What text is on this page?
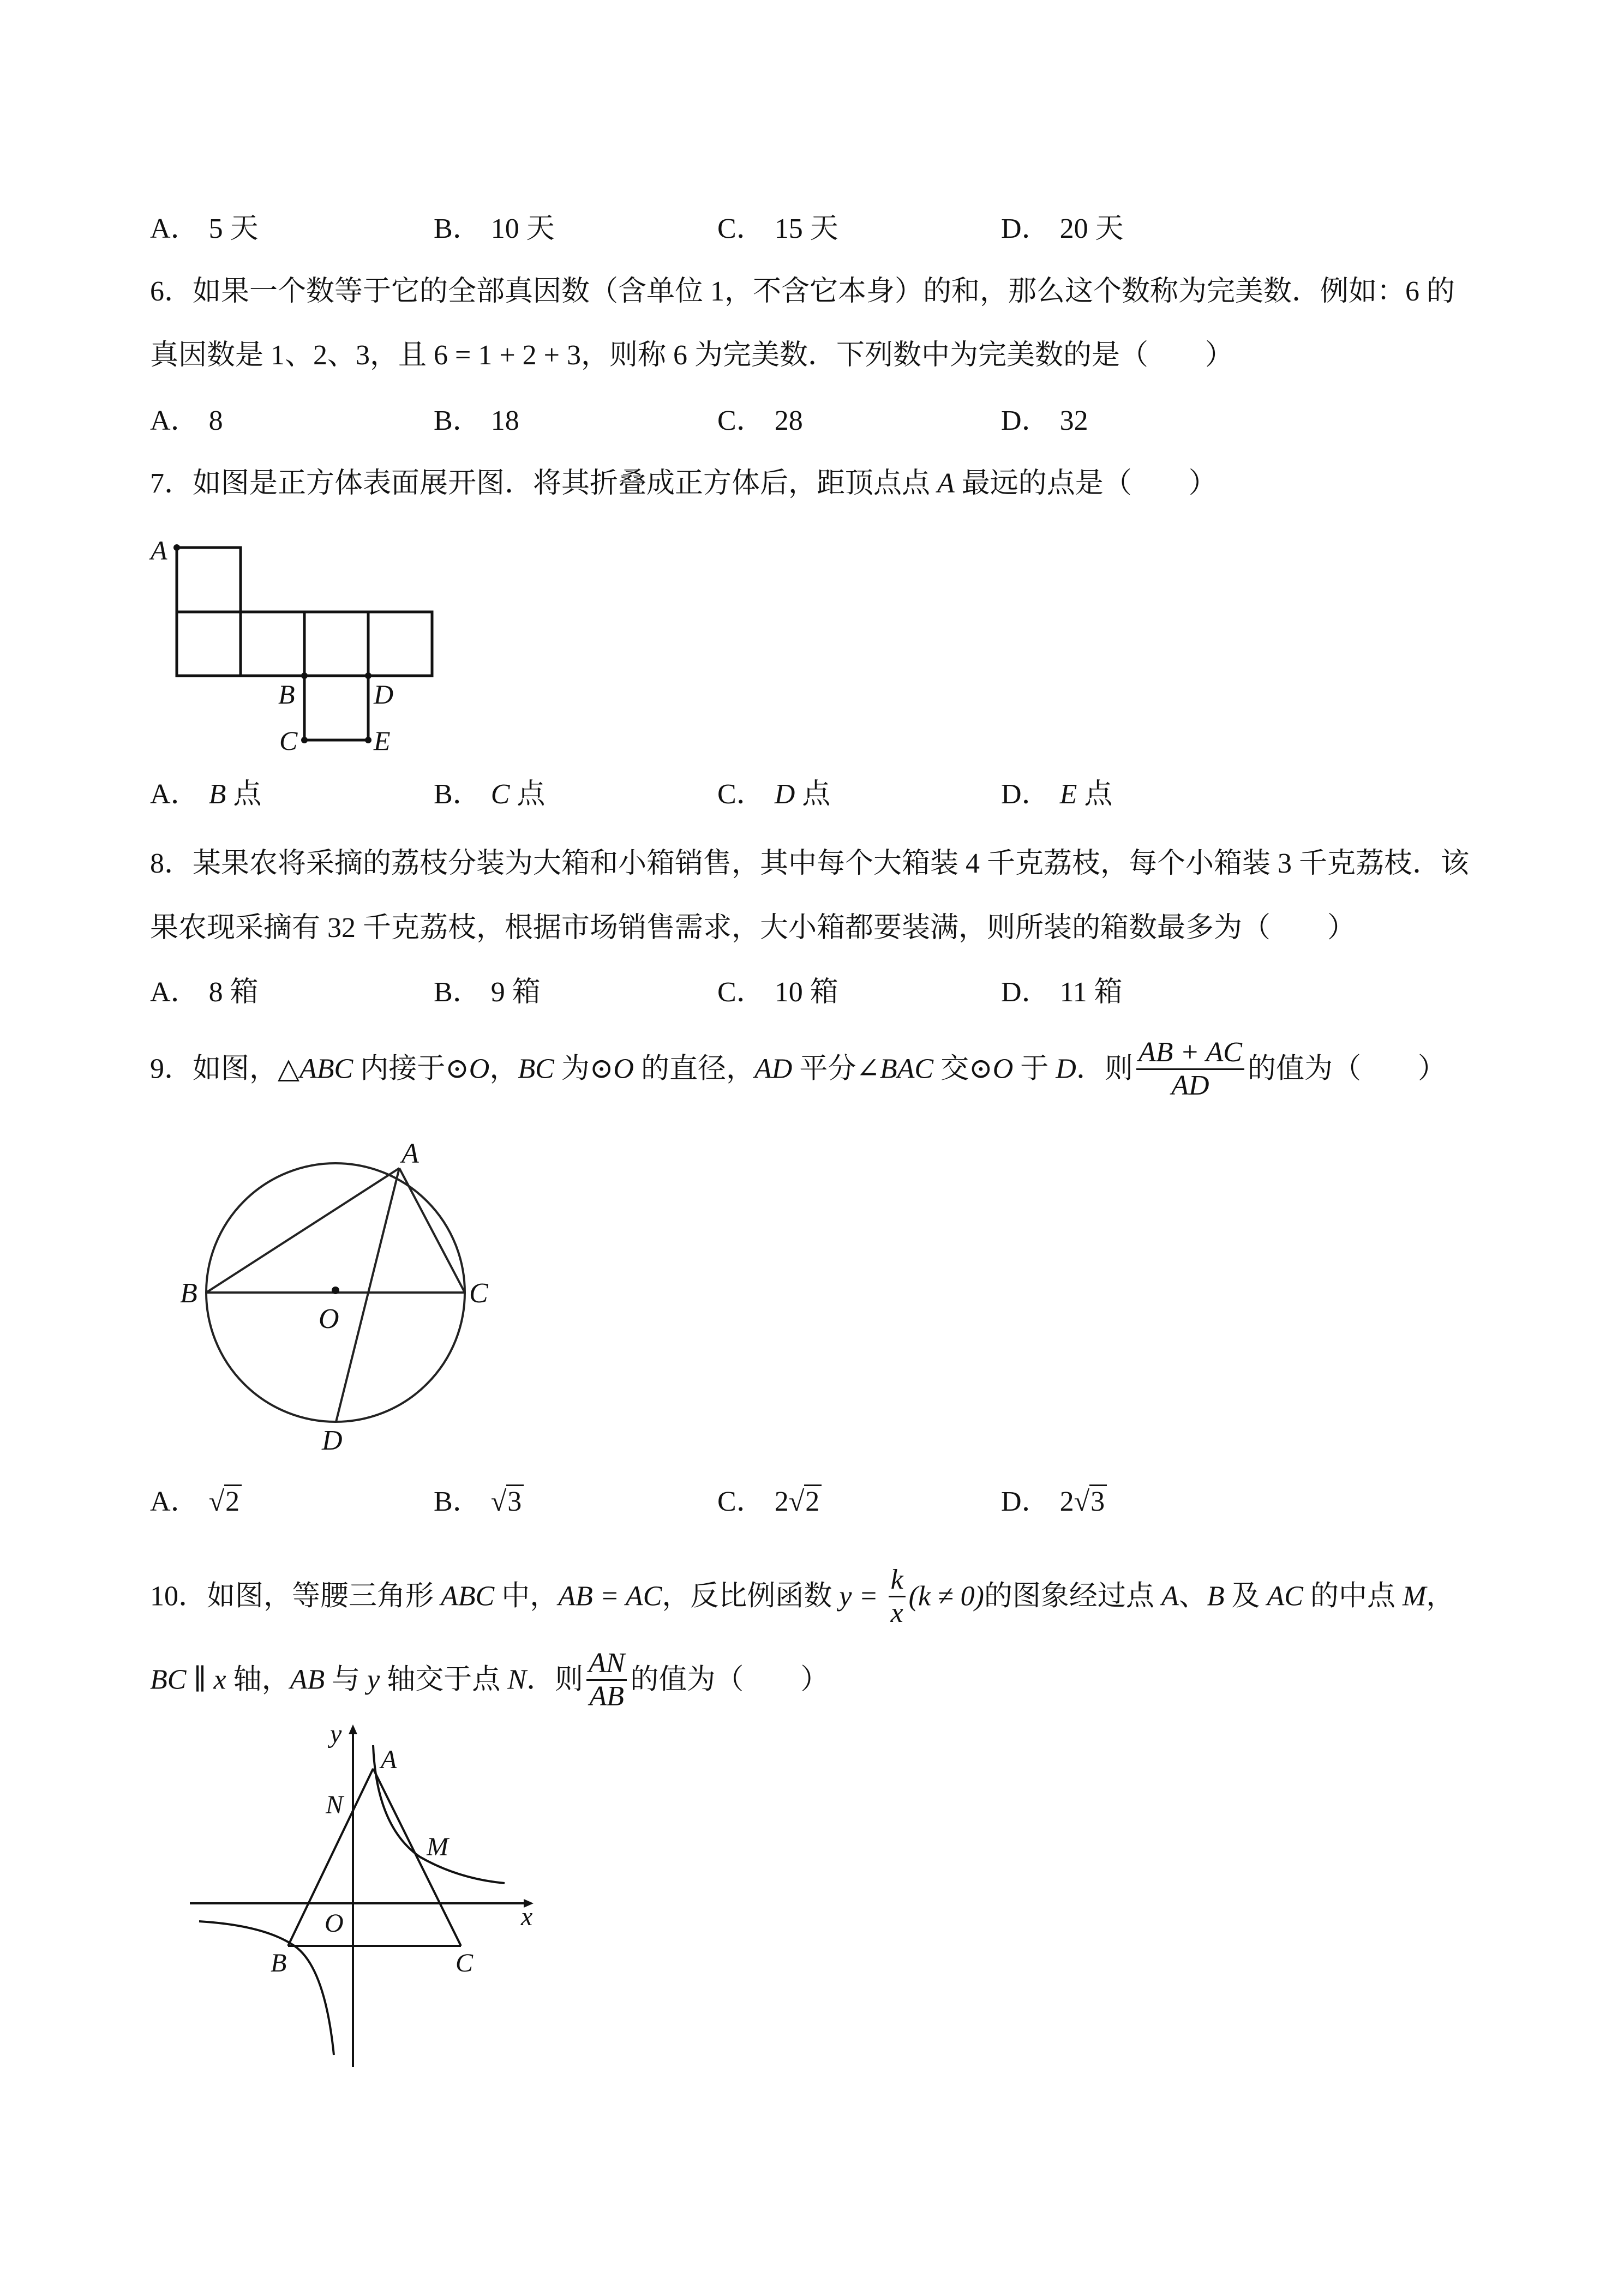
A． 5 天	B． 10 天	C． 15 天	D． 20 天
6．如果一个数等于它的全部真因数（含单位 1，不含它本身）的和，那么这个数称为完美数．例如：6 的
真因数是 1、2、3，且 6 = 1 + 2 + 3，则称 6 为完美数．下列数中为完美数的是（　　）
A． 8	B． 18	C． 28	D． 32
7．如图是正方体表面展开图．将其折叠成正方体后，距顶点点 A 最远的点是（　　）
A
B	D
C	E
A． B 点	B． C 点	C． D 点	D． E 点
8．某果农将采摘的荔枝分装为大箱和小箱销售，其中每个大箱装 4 千克荔枝，每个小箱装 3 千克荔枝．该
果农现采摘有 32 千克荔枝，根据市场销售需求，大小箱都要装满，则所装的箱数最多为（　　）
A． 8 箱	B． 9 箱	C． 10 箱	D． 11 箱
9．如图，△ABC 内接于⊙O，BC 为⊙O 的直径，AD 平分∠BAC 交⊙O 于 D．则 $\frac{AB + AC}{AD}$ 的值为（　　）
A
B	C
O
D
A． √2	B． √3	C． 2√2	D． 2√3
10．如图，等腰三角形 ABC 中，AB = AC，反比例函数 $y = \frac{k}{x} (k \ne 0)$的图象经过点 A、B 及 AC 的中点 M，
BC ∥ x 轴，AB 与 y 轴交于点 N．则 $\frac{AN}{AB}$ 的值为（　　）
y
x
A
N
M
O
B	C
